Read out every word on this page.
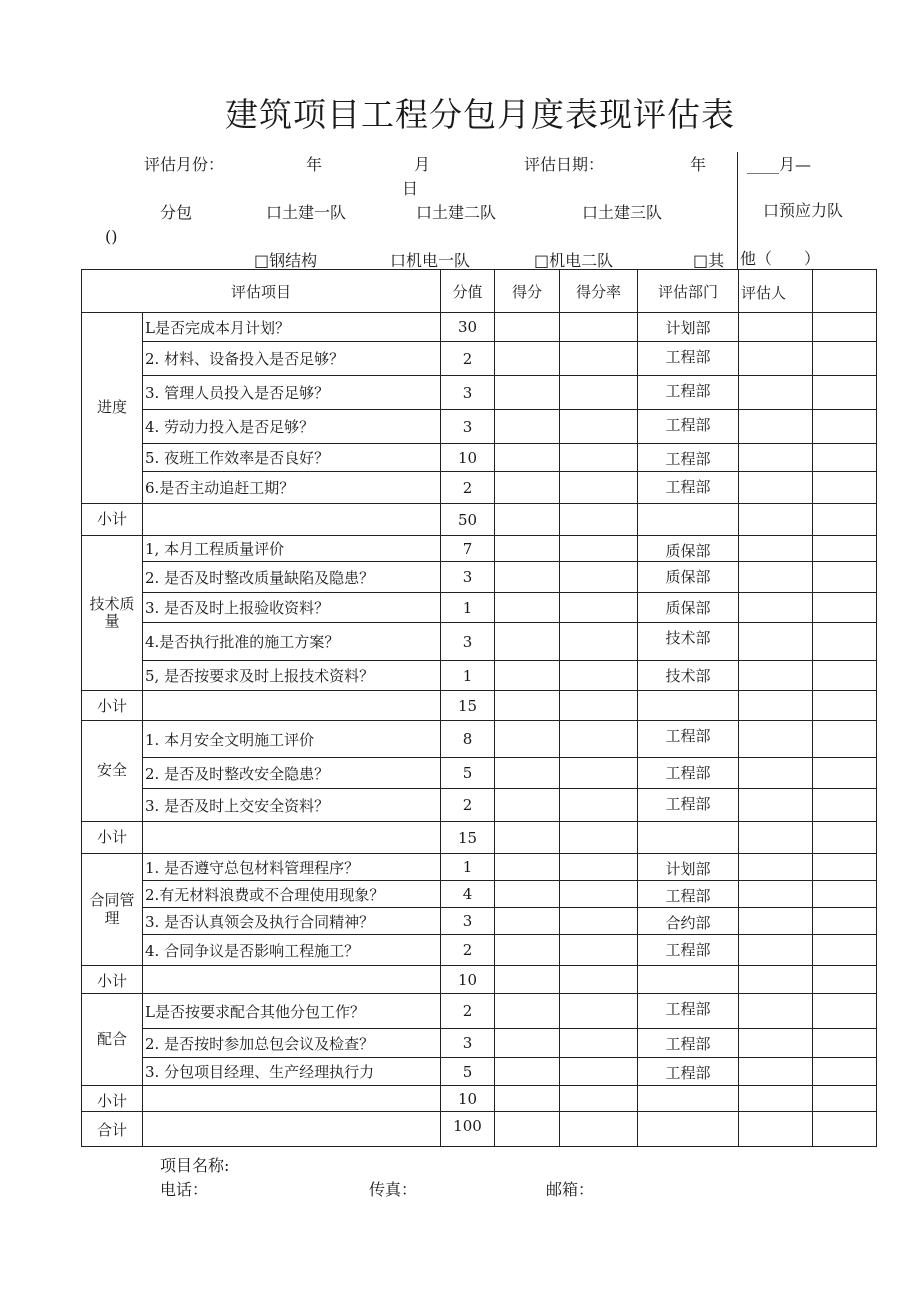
建筑项目工程分包月度表现评估表
评估月份：	年	月	评估日期：	年	____月—
日
分包	口土建一队	口土建二队	口土建三队	口预应力队
()
□钢结构	口机电一队	□机电二队	□其 他（　　）
评估项目		分值	得分	得分率	评估部门	评估人	
进度	L是否完成本月计划？	30			计划部		
	2. 材料、设备投入是否足够？	2			工程部		
	3. 管理人员投入是否足够？	3			工程部		
	4. 劳动力投入是否足够？	3			工程部		
	5. 夜班工作效率是否良好？	10			工程部		
	6.是否主动追赶工期？	2			工程部		
小计		50					
技术质量	1, 本月工程质量评价	7			质保部		
	2. 是否及时整改质量缺陷及隐患？	3			质保部		
	3. 是否及时上报验收资料？	1			质保部		
	4.是否执行批准的施工方案？	3			技术部		
	5, 是否按要求及时上报技术资料？	1			技术部		
小计		15					
安全	1. 本月安全文明施工评价	8			工程部		
	2. 是否及时整改安全隐患？	5			工程部		
	3. 是否及时上交安全资料？	2			工程部		
小计		15					
合同管理	1. 是否遵守总包材料管理程序？	1			计划部		
	2.有无材料浪费或不合理使用现象？	4			工程部		
	3. 是否认真领会及执行合同精神？	3			合约部		
	4. 合同争议是否影响工程施工？	2			工程部		
小计		10					
配合	L是否按要求配合其他分包工作？	2			工程部		
	2. 是否按时参加总包会议及检查？	3			工程部		
	3. 分包项目经理、生产经理执行力	5			工程部		
小计		10					
合计		100					
项目名称:
电话：	传真：	邮箱：
